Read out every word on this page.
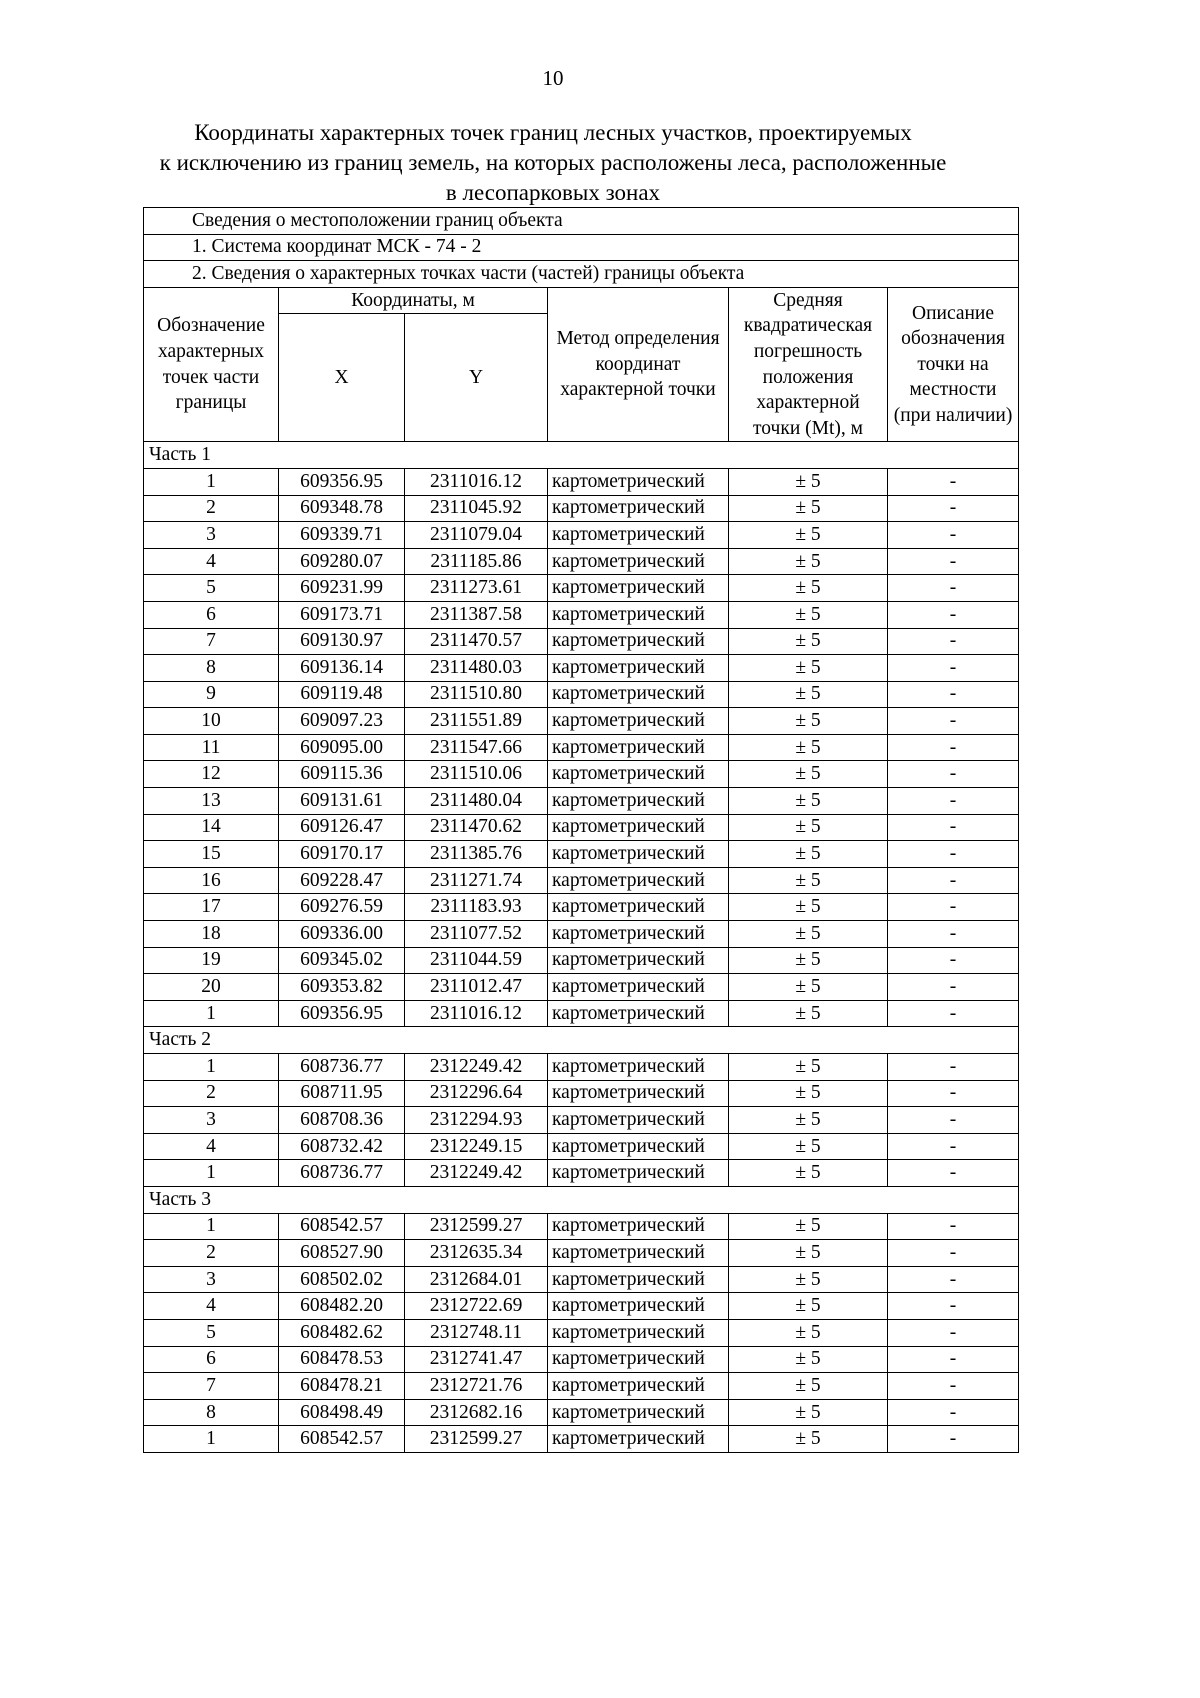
10
Координаты характерных точек границ лесных участков, проектируемых
к исключению из границ земель, на которых расположены леса, расположенные
в лесопарковых зонах
Сведения о местоположении границ объекта					
1. Система координат МСК - 74 - 2					
2. Сведения о характерных точках части (частей) границы объекта					
Обозначение характерных точек части границы	Координаты, м		Метод определения координат характерной точки	Средняя квадратическая погрешность положения характерной точки (Mt), м	Описание обозначения точки на местности (при наличии)
	X	Y			
Часть 1					
1	609356.95	2311016.12	картометрический	± 5	-
2	609348.78	2311045.92	картометрический	± 5	-
3	609339.71	2311079.04	картометрический	± 5	-
4	609280.07	2311185.86	картометрический	± 5	-
5	609231.99	2311273.61	картометрический	± 5	-
6	609173.71	2311387.58	картометрический	± 5	-
7	609130.97	2311470.57	картометрический	± 5	-
8	609136.14	2311480.03	картометрический	± 5	-
9	609119.48	2311510.80	картометрический	± 5	-
10	609097.23	2311551.89	картометрический	± 5	-
11	609095.00	2311547.66	картометрический	± 5	-
12	609115.36	2311510.06	картометрический	± 5	-
13	609131.61	2311480.04	картометрический	± 5	-
14	609126.47	2311470.62	картометрический	± 5	-
15	609170.17	2311385.76	картометрический	± 5	-
16	609228.47	2311271.74	картометрический	± 5	-
17	609276.59	2311183.93	картометрический	± 5	-
18	609336.00	2311077.52	картометрический	± 5	-
19	609345.02	2311044.59	картометрический	± 5	-
20	609353.82	2311012.47	картометрический	± 5	-
1	609356.95	2311016.12	картометрический	± 5	-
Часть 2					
1	608736.77	2312249.42	картометрический	± 5	-
2	608711.95	2312296.64	картометрический	± 5	-
3	608708.36	2312294.93	картометрический	± 5	-
4	608732.42	2312249.15	картометрический	± 5	-
1	608736.77	2312249.42	картометрический	± 5	-
Часть 3					
1	608542.57	2312599.27	картометрический	± 5	-
2	608527.90	2312635.34	картометрический	± 5	-
3	608502.02	2312684.01	картометрический	± 5	-
4	608482.20	2312722.69	картометрический	± 5	-
5	608482.62	2312748.11	картометрический	± 5	-
6	608478.53	2312741.47	картометрический	± 5	-
7	608478.21	2312721.76	картометрический	± 5	-
8	608498.49	2312682.16	картометрический	± 5	-
1	608542.57	2312599.27	картометрический	± 5	-
